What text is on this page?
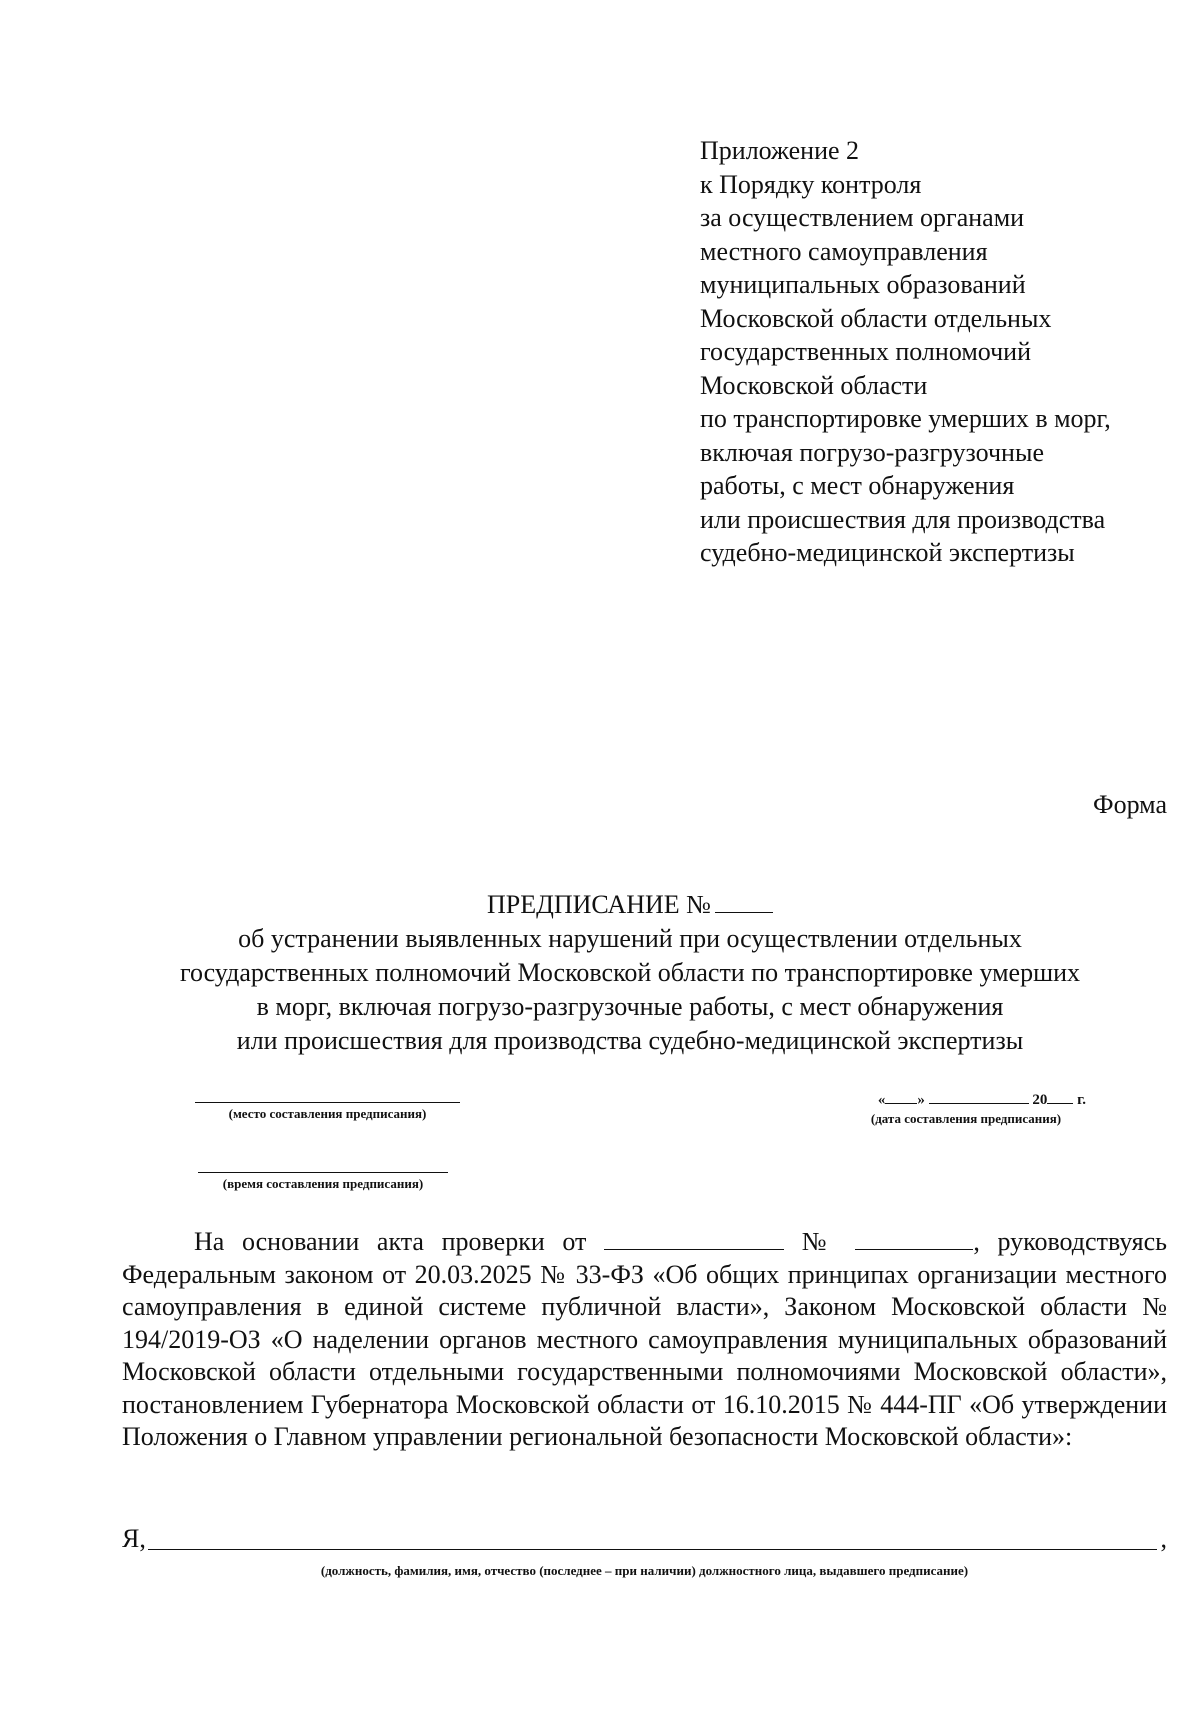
Приложение 2
к Порядку контроля
за осуществлением органами
местного самоуправления
муниципальных образований
Московской области отдельных
государственных полномочий
Московской области
по транспортировке умерших в морг,
включая погрузо-разгрузочные
работы, с мест обнаружения
или происшествия для производства
судебно-медицинской экспертизы
Форма
ПРЕДПИСАНИЕ №
об устранении выявленных нарушений при осуществлении отдельных
государственных полномочий Московской области по транспортировке умерших
в морг, включая погрузо-разгрузочные работы, с мест обнаружения
или происшествия для производства судебно-медицинской экспертизы
(место составления предписания)
(время составления предписания)
« »	20 г.
(дата составления предписания)
На основании акта проверки от	№	, руководствуясь Федеральным законом от 20.03.2025 № 33-ФЗ «Об общих принципах организации местного самоуправления в единой системе публичной власти», Законом Московской области № 194/2019-ОЗ «О наделении органов местного самоуправления муниципальных образований Московской области отдельными государственными полномочиями Московской области», постановлением Губернатора Московской области от 16.10.2015 № 444-ПГ «Об утверждении Положения о Главном управлении региональной безопасности Московской области»:
Я,	,
(должность, фамилия, имя, отчество (последнее – при наличии) должностного лица, выдавшего предписание)
